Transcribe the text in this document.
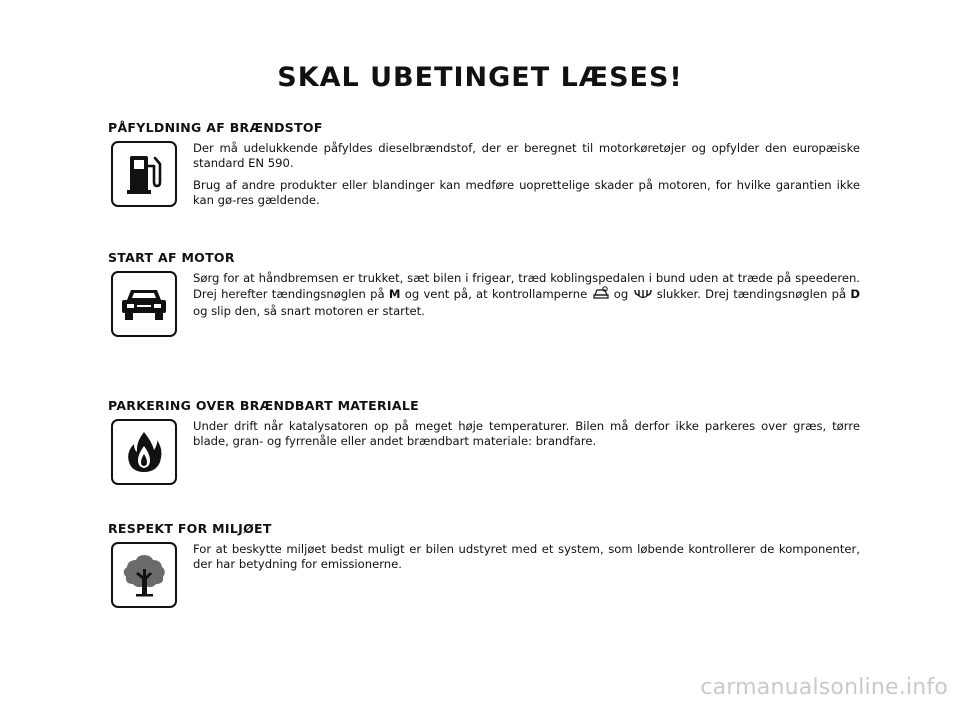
SKAL UBETINGET LÆSES!
PÅFYLDNING AF BRÆNDSTOF

Der må udelukkende påfyldes dieselbrændstof, der er beregnet til motorkøretøjer og opfylder den europæiske standard EN 590.

Brug af andre produkter eller blandinger kan medføre uoprettelige skader på motoren, for hvilke garantien ikke kan gø-res gældende.

START AF MOTOR

Sørg for at håndbremsen er trukket, sæt bilen i frigear, træd koblingspedalen i bund uden at træde på speederen. Drej herefter tændingsnøglen på M og vent på, at kontrollamperne  og  slukker. Drej tændingsnøglen på D og slip den, så snart motoren er startet.

PARKERING OVER BRÆNDBART MATERIALE

Under drift når katalysatoren op på meget høje temperaturer. Bilen må derfor ikke parkeres over græs, tørre blade, gran- og fyrrenåle eller andet brændbart materiale: brandfare.

RESPEKT FOR MILJØET

For at beskytte miljøet bedst muligt er bilen udstyret med et system, som løbende kontrollerer de komponenter, der har betydning for emissionerne.

carmanualsonline.info
